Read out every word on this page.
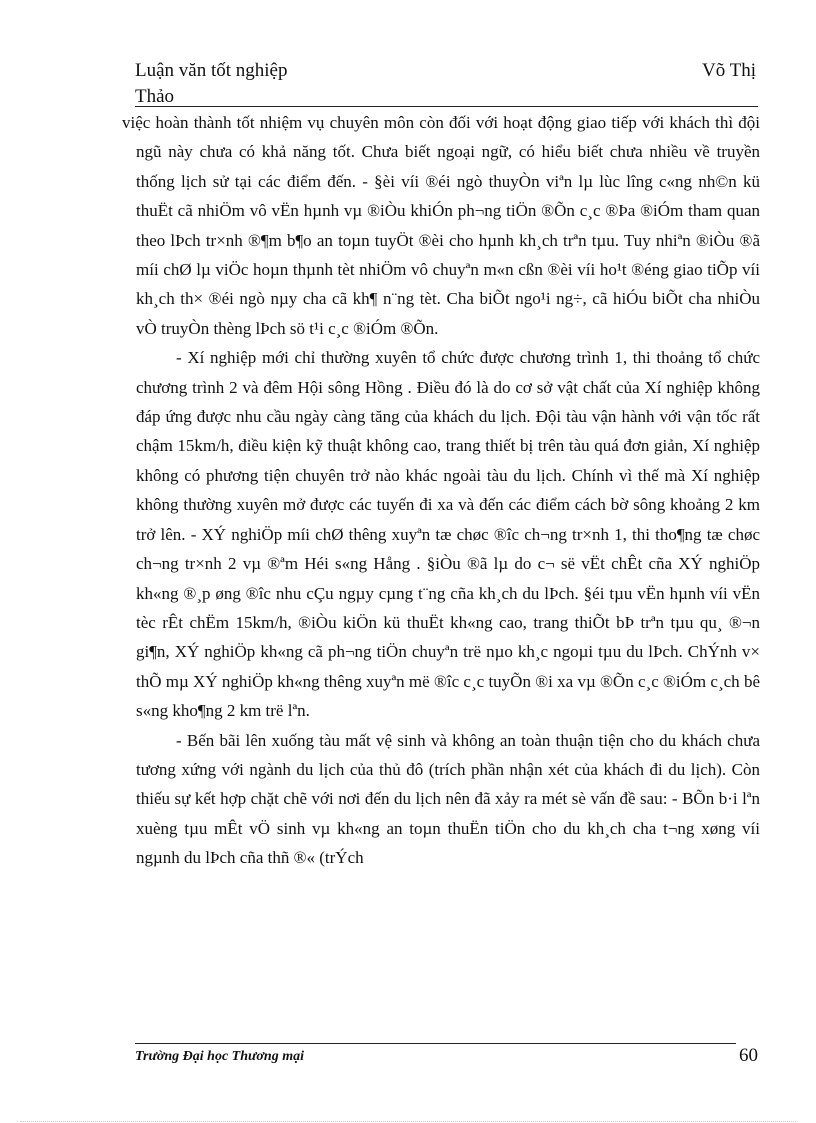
Luận văn tốt nghiệp
Thảo
Võ Thị

việc hoàn thành tốt nhiệm vụ chuyên môn còn đối với hoạt động giao tiếp với khách thì đội ngũ này chưa có khả năng tốt. Chưa biết ngoại ngữ, có hiểu biết chưa nhiều về truyền thống lịch sử tại các điểm đến. - §èi víi ®éi ngò thuyÒn viªn lµ lùc lîng c«ng nh©n kü thuËt cã nhiÖm vô vËn hµnh vµ ®iÒu khiÓn ph¬ng tiÖn ®Õn c¸c ®Þa ®iÓm tham quan theo lÞch tr×nh ®¶m b¶o an toµn tuyÖt ®èi cho hµnh kh¸ch trªn tµu. Tuy nhiªn ®iÒu ®ã míi chØ lµ viÖc hoµn thµnh tèt nhiÖm vô chuyªn m«n cßn ®èi víi ho¹t ®éng giao tiÕp víi kh¸ch th× ®éi ngò nµy cha cã kh¶ n¨ng tèt. Cha biÕt ngo¹i ng÷, cã hiÓu biÕt cha nhiÒu vÒ truyÒn thèng lÞch sö t¹i c¸c ®iÓm ®Õn.

- Xí nghiệp mới chỉ thường xuyên tổ chức được chương trình 1, thi thoảng tổ chức chương trình 2 và đêm Hội sông Hồng . Điều đó là do cơ sở vật chất của Xí nghiệp không đáp ứng được nhu cầu ngày càng tăng của khách du lịch. Đội tàu vận hành với vận tốc rất chậm 15km/h, điều kiện kỹ thuật không cao, trang thiết bị trên tàu quá đơn giản, Xí nghiệp không có phương tiện chuyên trở nào khác ngoài tàu du lịch. Chính vì thế mà Xí nghiệp không thường xuyên mở được các tuyến đi xa và đến các điểm cách bờ sông khoảng 2 km trở lên. - XÝ nghiÖp míi chØ thêng xuyªn tæ chøc ®îc ch¬ng tr×nh 1, thi tho¶ng tæ chøc ch¬ng tr×nh 2 vµ ®ªm Héi s«ng Hång . §iÒu ®ã lµ do c¬ së vËt chÊt cña XÝ nghiÖp kh«ng ®¸p øng ®îc nhu cÇu ngµy cµng t¨ng cña kh¸ch du lÞch. §éi tµu vËn hµnh víi vËn tèc rÊt chËm 15km/h, ®iÒu kiÖn kü thuËt kh«ng cao, trang thiÕt bÞ trªn tµu qu¸ ®¬n gi¶n, XÝ nghiÖp kh«ng cã ph¬ng tiÖn chuyªn trë nµo kh¸c ngoµi tµu du lÞch. ChÝnh v× thÕ mµ XÝ nghiÖp kh«ng thêng xuyªn më ®îc c¸c tuyÕn ®i xa vµ ®Õn c¸c ®iÓm c¸ch bê s«ng kho¶ng 2 km trë lªn.

- Bến bãi lên xuống tàu mất vệ sinh và không an toàn thuận tiện cho du khách chưa tương xứng với ngành du lịch của thủ đô (trích phần nhận xét của khách đi du lịch). Còn thiếu sự kết hợp chặt chẽ với nơi đến du lịch nên đã xảy ra mét sè vấn đề sau: - BÕn b·i lªn xuèng tµu mÊt vÖ sinh vµ kh«ng an toµn thuËn tiÖn cho du kh¸ch cha t¬ng xøng víi ngµnh du lÞch cña thñ ®« (trÝch

Trường Đại học Thương mại	60
